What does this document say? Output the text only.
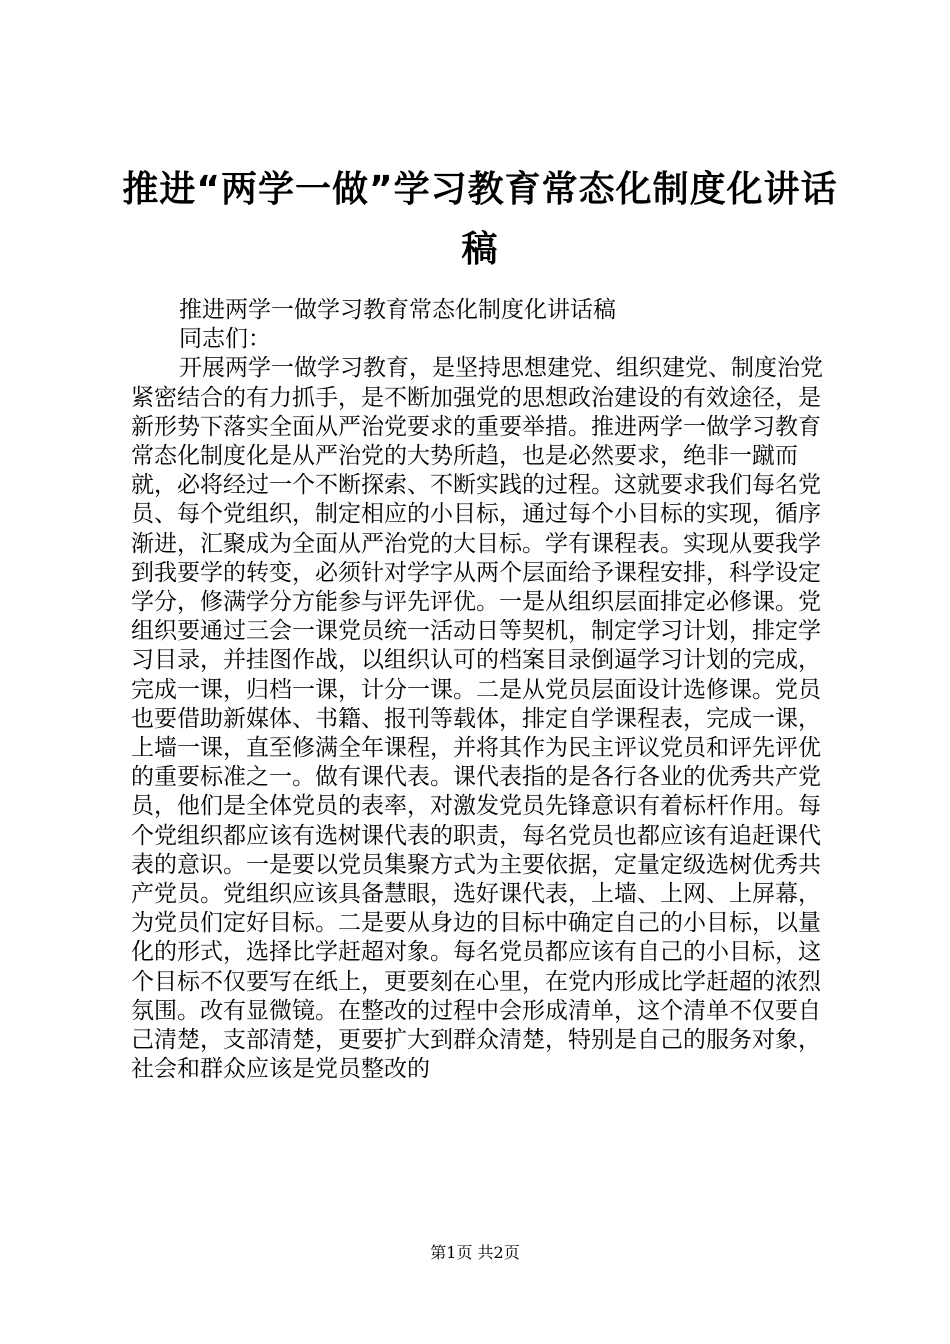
推进“两学一做”学习教育常态化制度化讲话稿

推进两学一做学习教育常态化制度化讲话稿

同志们：

开展两学一做学习教育，是坚持思想建党、组织建党、制度治党紧密结合的有力抓手，是不断加强党的思想政治建设的有效途径，是新形势下落实全面从严治党要求的重要举措。推进两学一做学习教育常态化制度化是从严治党的大势所趋，也是必然要求，绝非一蹴而就，必将经过一个不断探索、不断实践的过程。这就要求我们每名党员、每个党组织，制定相应的小目标，通过每个小目标的实现，循序渐进，汇聚成为全面从严治党的大目标。学有课程表。实现从要我学到我要学的转变，必须针对学字从两个层面给予课程安排，科学设定学分，修满学分方能参与评先评优。一是从组织层面排定必修课。党组织要通过三会一课党员统一活动日等契机，制定学习计划，排定学习目录，并挂图作战，以组织认可的档案目录倒逼学习计划的完成，完成一课，归档一课，计分一课。二是从党员层面设计选修课。党员也要借助新媒体、书籍、报刊等载体，排定自学课程表，完成一课，上墙一课，直至修满全年课程，并将其作为民主评议党员和评先评优的重要标准之一。做有课代表。课代表指的是各行各业的优秀共产党员，他们是全体党员的表率，对激发党员先锋意识有着标杆作用。每个党组织都应该有选树课代表的职责，每名党员也都应该有追赶课代表的意识。一是要以党员集聚方式为主要依据，定量定级选树优秀共产党员。党组织应该具备慧眼，选好课代表，上墙、上网、上屏幕，为党员们定好目标。二是要从身边的目标中确定自己的小目标，以量化的形式，选择比学赶超对象。每名党员都应该有自己的小目标，这个目标不仅要写在纸上，更要刻在心里，在党内形成比学赶超的浓烈氛围。改有显微镜。在整改的过程中会形成清单，这个清单不仅要自己清楚，支部清楚，更要扩大到群众清楚，特别是自己的服务对象，社会和群众应该是党员整改的

第1页 共2页
